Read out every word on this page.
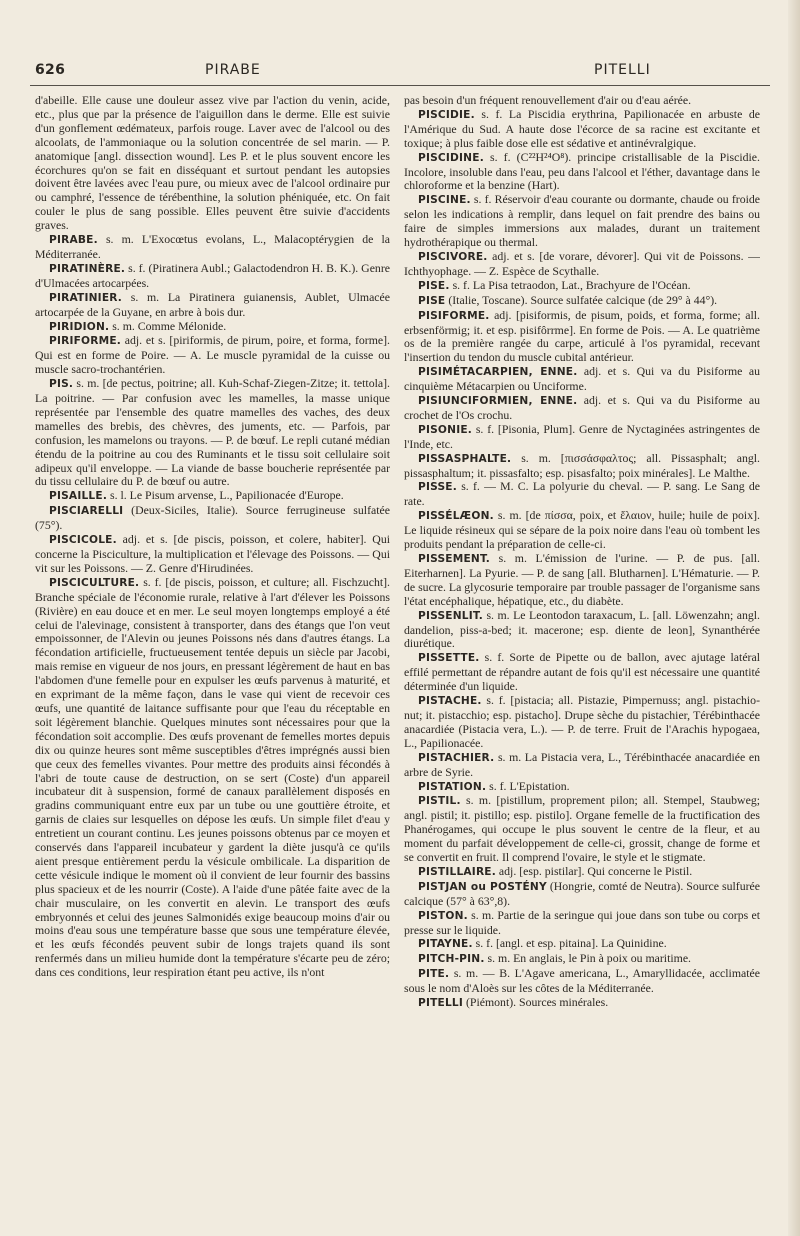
626	PIRABE	PITELLI

d'abeille. Elle cause une douleur assez vive par l'action du venin, acide, etc., plus que par la présence de l'aiguillon dans le derme. Elle est suivie d'un gonflement œdémateux, parfois rouge. Laver avec de l'alcool ou des alcoolats, de l'ammoniaque ou la solution concentrée de sel marin. — P. anatomique [angl. dissection wound]. Les P. et le plus souvent encore les écorchures qu'on se fait en disséquant et surtout pendant les autopsies doivent être lavées avec l'eau pure, ou mieux avec de l'alcool ordinaire pur ou camphré, l'essence de térébenthine, la solution phéniquée, etc. On fait couler le plus de sang possible. Elles peuvent être suivie d'accidents graves.

PIRABE. s. m. L'Exocœtus evolans, L., Malacoptérygien de la Méditerranée.

PIRATINÈRE. s. f. (Piratinera Aubl.; Galactodendron H. B. K.). Genre d'Ulmacées artocarpées.

PIRATINIER. s. m. La Piratinera guianensis, Aublet, Ulmacée artocarpée de la Guyane, en arbre à bois dur.

PIRIDION. s. m. Comme Mélonide.

PIRIFORME. adj. et s. [piriformis, de pirum, poire, et forma, forme]. Qui est en forme de Poire. — A. Le muscle pyramidal de la cuisse ou muscle sacro-trochantérien.

PIS. s. m. [de pectus, poitrine; all. Kuh-Schaf-Ziegen-Zitze; it. tettola]. La poitrine. — Par confusion avec les mamelles, la masse unique représentée par l'ensemble des quatre mamelles des vaches, des deux mamelles des brebis, des chèvres, des juments, etc. — Parfois, par confusion, les mamelons ou trayons. — P. de bœuf. Le repli cutané médian étendu de la poitrine au cou des Ruminants et le tissu soit cellulaire soit adipeux qu'il enveloppe. — La viande de basse boucherie représentée par du tissu cellulaire du P. de bœuf ou autre.

PISAILLE. s. l. Le Pisum arvense, L., Papilionacée d'Europe.

PISCIARELLI (Deux-Siciles, Italie). Source ferrugineuse sulfatée (75°).

PISCICOLE. adj. et s. [de piscis, poisson, et colere, habiter]. Qui concerne la Pisciculture, la multiplication et l'élevage des Poissons. — Qui vit sur les Poissons. — Z. Genre d'Hirudinées.

PISCICULTURE. s. f. [de piscis, poisson, et culture; all. Fischzucht]. Branche spéciale de l'économie rurale, relative à l'art d'élever les Poissons (Rivière) en eau douce et en mer. Le seul moyen longtemps employé a été celui de l'alevinage, consistent à transporter, dans des étangs que l'on veut empoissonner, de l'Alevin ou jeunes Poissons nés dans d'autres étangs. La fécondation artificielle, fructueusement tentée depuis un siècle par Jacobi, mais remise en vigueur de nos jours, en pressant légèrement de haut en bas l'abdomen d'une femelle pour en expulser les œufs parvenus à maturité, et en exprimant de la même façon, dans le vase qui vient de recevoir ces œufs, une quantité de laitance suffisante pour que l'eau du réceptable en soit légèrement blanchie. Quelques minutes sont nécessaires pour que la fécondation soit accomplie. Des œufs provenant de femelles mortes depuis dix ou quinze heures sont même susceptibles d'êtres imprégnés aussi bien que ceux des femelles vivantes. Pour mettre des produits ainsi fécondés à l'abri de toute cause de destruction, on se sert (Coste) d'un appareil incubateur dit à suspension, formé de canaux parallèlement disposés en gradins communiquant entre eux par un tube ou une gouttière étroite, et garnis de claies sur lesquelles on dépose les œufs. Un simple filet d'eau y entretient un courant continu. Les jeunes poissons obtenus par ce moyen et conservés dans l'appareil incubateur y gardent la diète jusqu'à ce qu'ils aient presque entièrement perdu la vésicule ombilicale. La disparition de cette vésicule indique le moment où il convient de leur fournir des bassins plus spacieux et de les nourrir (Coste). A l'aide d'une pâtée faite avec de la chair musculaire, on les convertit en alevin. Le transport des œufs embryonnés et celui des jeunes Salmonidés exige beaucoup moins d'air ou moins d'eau sous une température basse que sous une température élevée, et les œufs fécondés peuvent subir de longs trajets quand ils sont renfermés dans un milieu humide dont la température s'écarte peu de zéro; dans ces conditions, leur respiration étant peu active, ils n'ont

pas besoin d'un fréquent renouvellement d'air ou d'eau aérée.

PISCIDIE. s. f. La Piscidia erythrina, Papilionacée en arbuste de l'Amérique du Sud. A haute dose l'écorce de sa racine est excitante et toxique; à plus faible dose elle est sédative et antinévralgique.

PISCIDINE. s. f. (C²²H²⁴O⁸). principe cristallisable de la Piscidie. Incolore, insoluble dans l'eau, peu dans l'alcool et l'éther, davantage dans le chloroforme et la benzine (Hart).

PISCINE. s. f. Réservoir d'eau courante ou dormante, chaude ou froide selon les indications à remplir, dans lequel on fait prendre des bains ou faire de simples immersions aux malades, durant un traitement hydrothérapique ou thermal.

PISCIVORE. adj. et s. [de vorare, dévorer]. Qui vit de Poissons. — Ichthyophage. — Z. Espèce de Scythalle.

PISE. s. f. La Pisa tetraodon, Lat., Brachyure de l'Océan.

PISE (Italie, Toscane). Source sulfatée calcique (de 29° à 44°).

PISIFORME. adj. [pisiformis, de pisum, poids, et forma, forme; all. erbsenförmig; it. et esp. pisifôrrme]. En forme de Pois. — A. Le quatrième os de la première rangée du carpe, articulé à l'os pyramidal, recevant l'insertion du tendon du muscle cubital antérieur.

PISIMÉTACARPIEN, ENNE. adj. et s. Qui va du Pisiforme au cinquième Métacarpien ou Unciforme.

PISIUNCIFORMIEN, ENNE. adj. et s. Qui va du Pisiforme au crochet de l'Os crochu.

PISONIE. s. f. [Pisonia, Plum]. Genre de Nyctaginées astringentes de l'Inde, etc.

PISSASPHALTE. s. m. [πισσάσφαλτος; all. Pissasphalt; angl. pissasphaltum; it. pissasfalto; esp. pisasfalto; poix minérales]. Le Malthe.

PISSE. s. f. — M. C. La polyurie du cheval. — P. sang. Le Sang de rate.

PISSÉLÆON. s. m. [de πίσσα, poix, et ἔλαιον, huile; huile de poix]. Le liquide résineux qui se sépare de la poix noire dans l'eau où tombent les produits pendant la préparation de celle-ci.

PISSEMENT. s. m. L'émission de l'urine. — P. de pus. [all. Eiterharnen]. La Pyurie. — P. de sang [all. Blutharnen]. L'Hématurie. — P. de sucre. La glycosurie temporaire par trouble passager de l'organisme sans l'état encéphalique, hépatique, etc., du diabète.

PISSENLIT. s. m. Le Leontodon taraxacum, L. [all. Löwenzahn; angl. dandelion, piss-a-bed; it. macerone; esp. diente de leon], Synanthérée diurétique.

PISSETTE. s. f. Sorte de Pipette ou de ballon, avec ajutage latéral effilé permettant de répandre autant de fois qu'il est nécessaire une quantité déterminée d'un liquide.

PISTACHE. s. f. [pistacia; all. Pistazie, Pimpernuss; angl. pistachio-nut; it. pistacchio; esp. pistacho]. Drupe sèche du pistachier, Térébinthacée anacardiée (Pistacia vera, L.). — P. de terre. Fruit de l'Arachis hypogaea, L., Papilionacée.

PISTACHIER. s. m. La Pistacia vera, L., Térébinthacée anacardiée en arbre de Syrie.

PISTATION. s. f. L'Epistation.

PISTIL. s. m. [pistillum, proprement pilon; all. Stempel, Staubweg; angl. pistil; it. pistillo; esp. pistilo]. Organe femelle de la fructification des Phanérogames, qui occupe le plus souvent le centre de la fleur, et au moment du parfait développement de celle-ci, grossit, change de forme et se convertit en fruit. Il comprend l'ovaire, le style et le stigmate.

PISTILLAIRE. adj. [esp. pistilar]. Qui concerne le Pistil.

PISTJAN ou POSTÉNY (Hongrie, comté de Neutra). Source sulfurée calcique (57° à 63°,8).

PISTON. s. m. Partie de la seringue qui joue dans son tube ou corps et presse sur le liquide.

PITAYNE. s. f. [angl. et esp. pitaina]. La Quinidine.

PITCH-PIN. s. m. En anglais, le Pin à poix ou maritime.

PITE. s. m. — B. L'Agave americana, L., Amaryllidacée, acclimatée sous le nom d'Aloès sur les côtes de la Méditerranée.

PITELLI (Piémont). Sources minérales.
